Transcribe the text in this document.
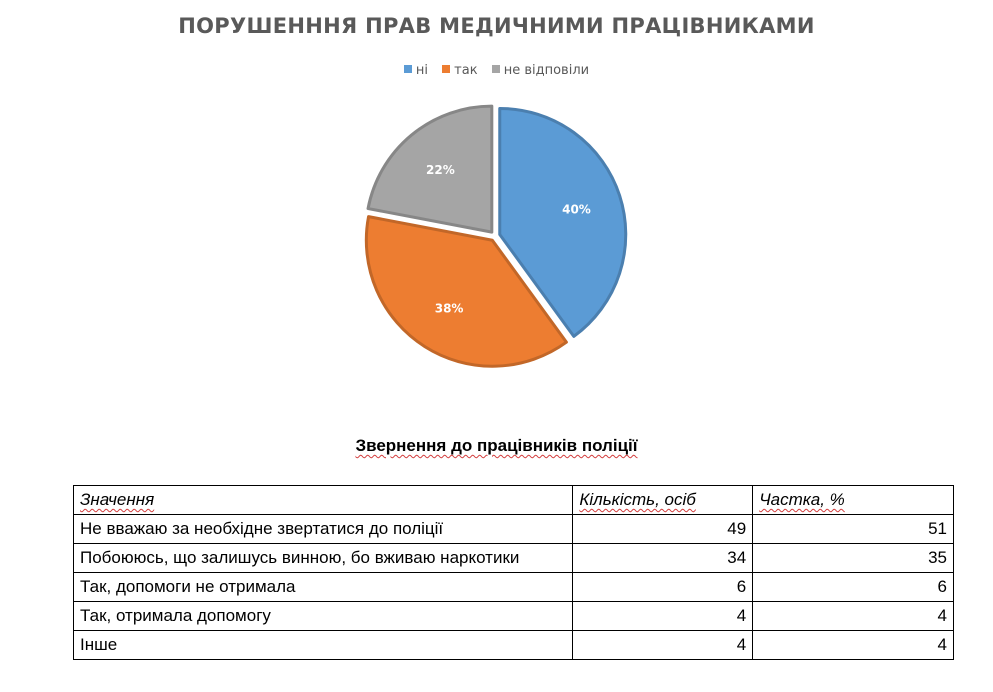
ПОРУШЕНННЯ ПРАВ МЕДИЧНИМИ ПРАЦІВНИКАМИ
ні так не відповіли
40%
38%
22%
Звернення до працівників поліції
Значення	Кількість, осіб	Частка, %
Не вважаю за необхідне звертатися до поліції	49	51
Побоююсь, що залишусь винною, бо вживаю наркотики	34	35
Так, допомоги не отримала	6	6
Так, отримала допомогу	4	4
Інше	4	4
